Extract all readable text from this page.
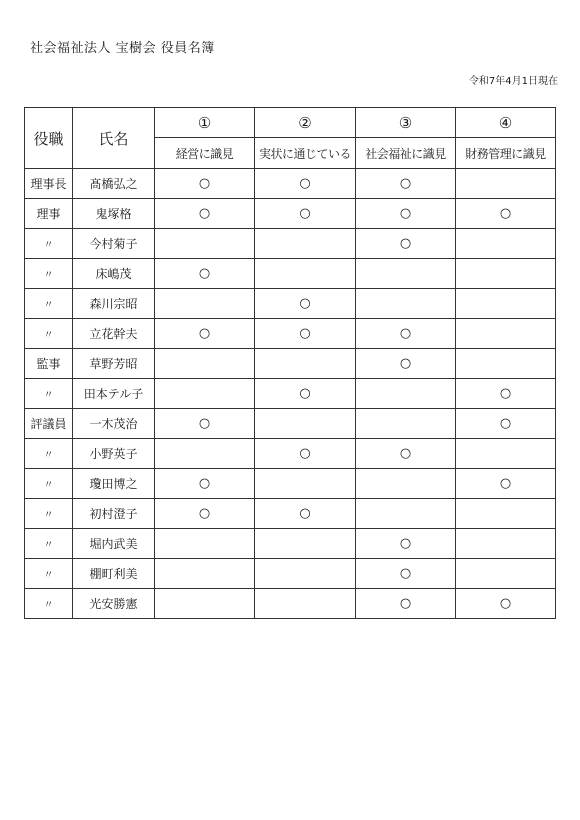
社会福祉法人 宝樹会 役員名簿
令和7年4月1日現在
役職	氏名	①	②	③	④
		経営に識見	実状に通じている	社会福祉に識見	財務管理に識見
理事長	髙橋弘之	○	○	○	
理事	鬼塚格	○	○	○	○
〃	今村菊子			○	
〃	床嶋茂	○			
〃	森川宗昭		○		
〃	立花幹夫	○	○	○	
監事	草野芳昭			○	
〃	田本テル子		○		○
評議員	一木茂治	○			○
〃	小野英子		○	○	
〃	瓊田博之	○			○
〃	初村澄子	○	○		
〃	堀内武美			○	
〃	棚町利美			○	
〃	光安勝憲			○	○
